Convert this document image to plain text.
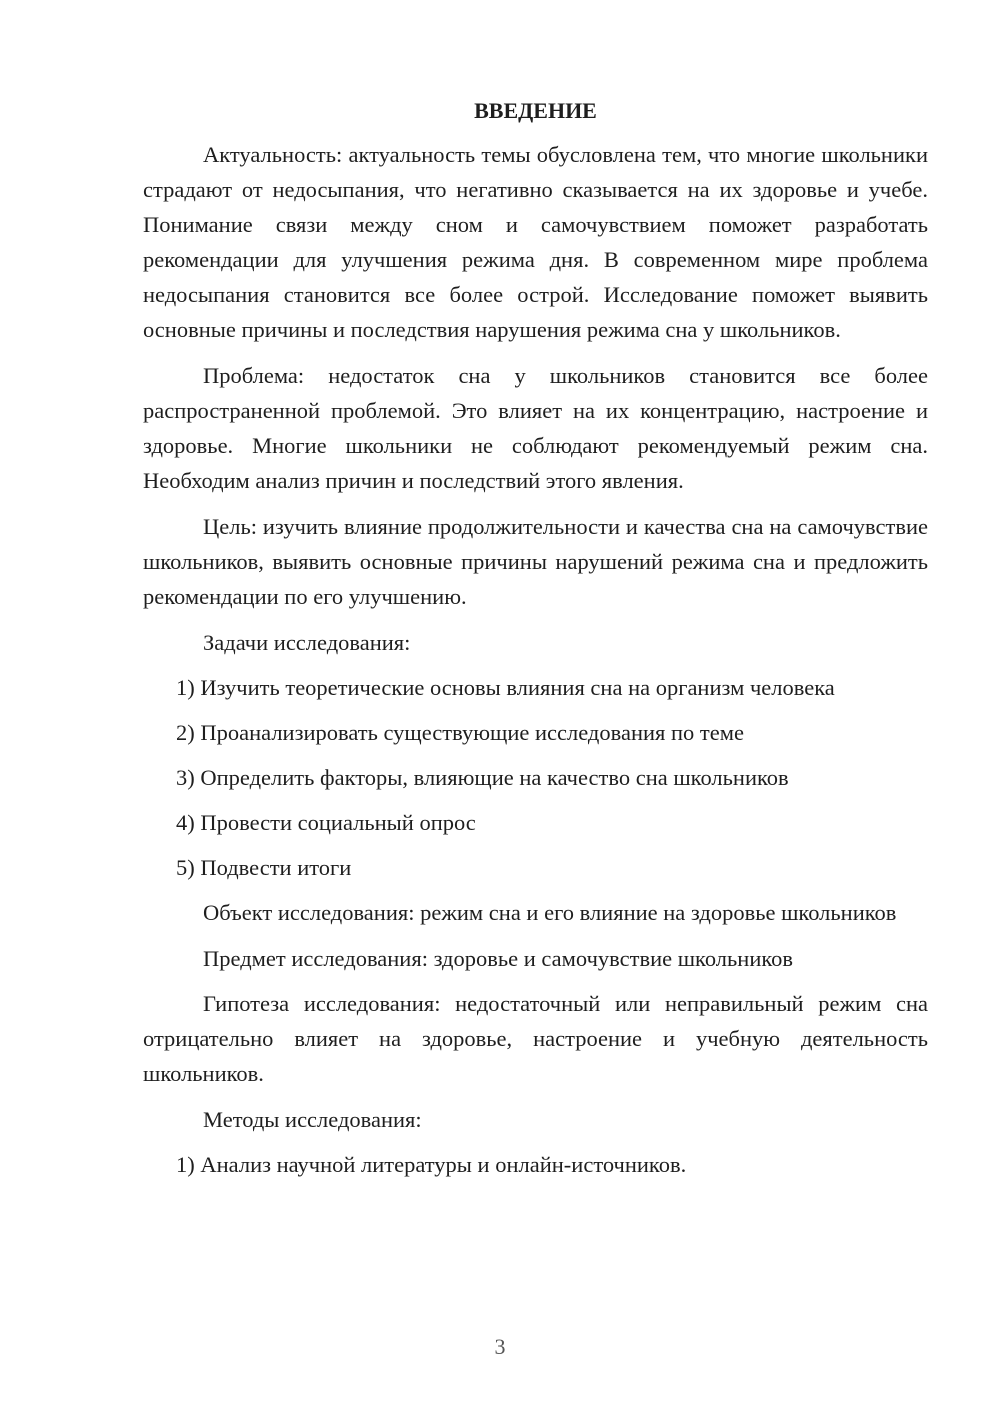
ВВЕДЕНИЕ

Актуальность: актуальность темы обусловлена тем, что многие школьники страдают от недосыпания, что негативно сказывается на их здоровье и учебе. Понимание связи между сном и самочувствием поможет разработать рекомендации для улучшения режима дня. В современном мире проблема недосыпания становится все более острой. Исследование поможет выявить основные причины и последствия нарушения режима сна у школьников.

Проблема: недостаток сна у школьников становится все более распространенной проблемой. Это влияет на их концентрацию, настроение и здоровье. Многие школьники не соблюдают рекомендуемый режим сна. Необходим анализ причин и последствий этого явления.

Цель: изучить влияние продолжительности и качества сна на самочувствие школьников, выявить основные причины нарушений режима сна и предложить рекомендации по его улучшению.

Задачи исследования:

1) Изучить теоретические основы влияния сна на организм человека

2) Проанализировать существующие исследования по теме

3) Определить факторы, влияющие на качество сна школьников

4) Провести социальный опрос

5) Подвести итоги

Объект исследования: режим сна и его влияние на здоровье школьников

Предмет исследования: здоровье и самочувствие школьников

Гипотеза исследования: недостаточный или неправильный режим сна отрицательно влияет на здоровье, настроение и учебную деятельность школьников.

Методы исследования:

1) Анализ научной литературы и онлайн-источников.

3
